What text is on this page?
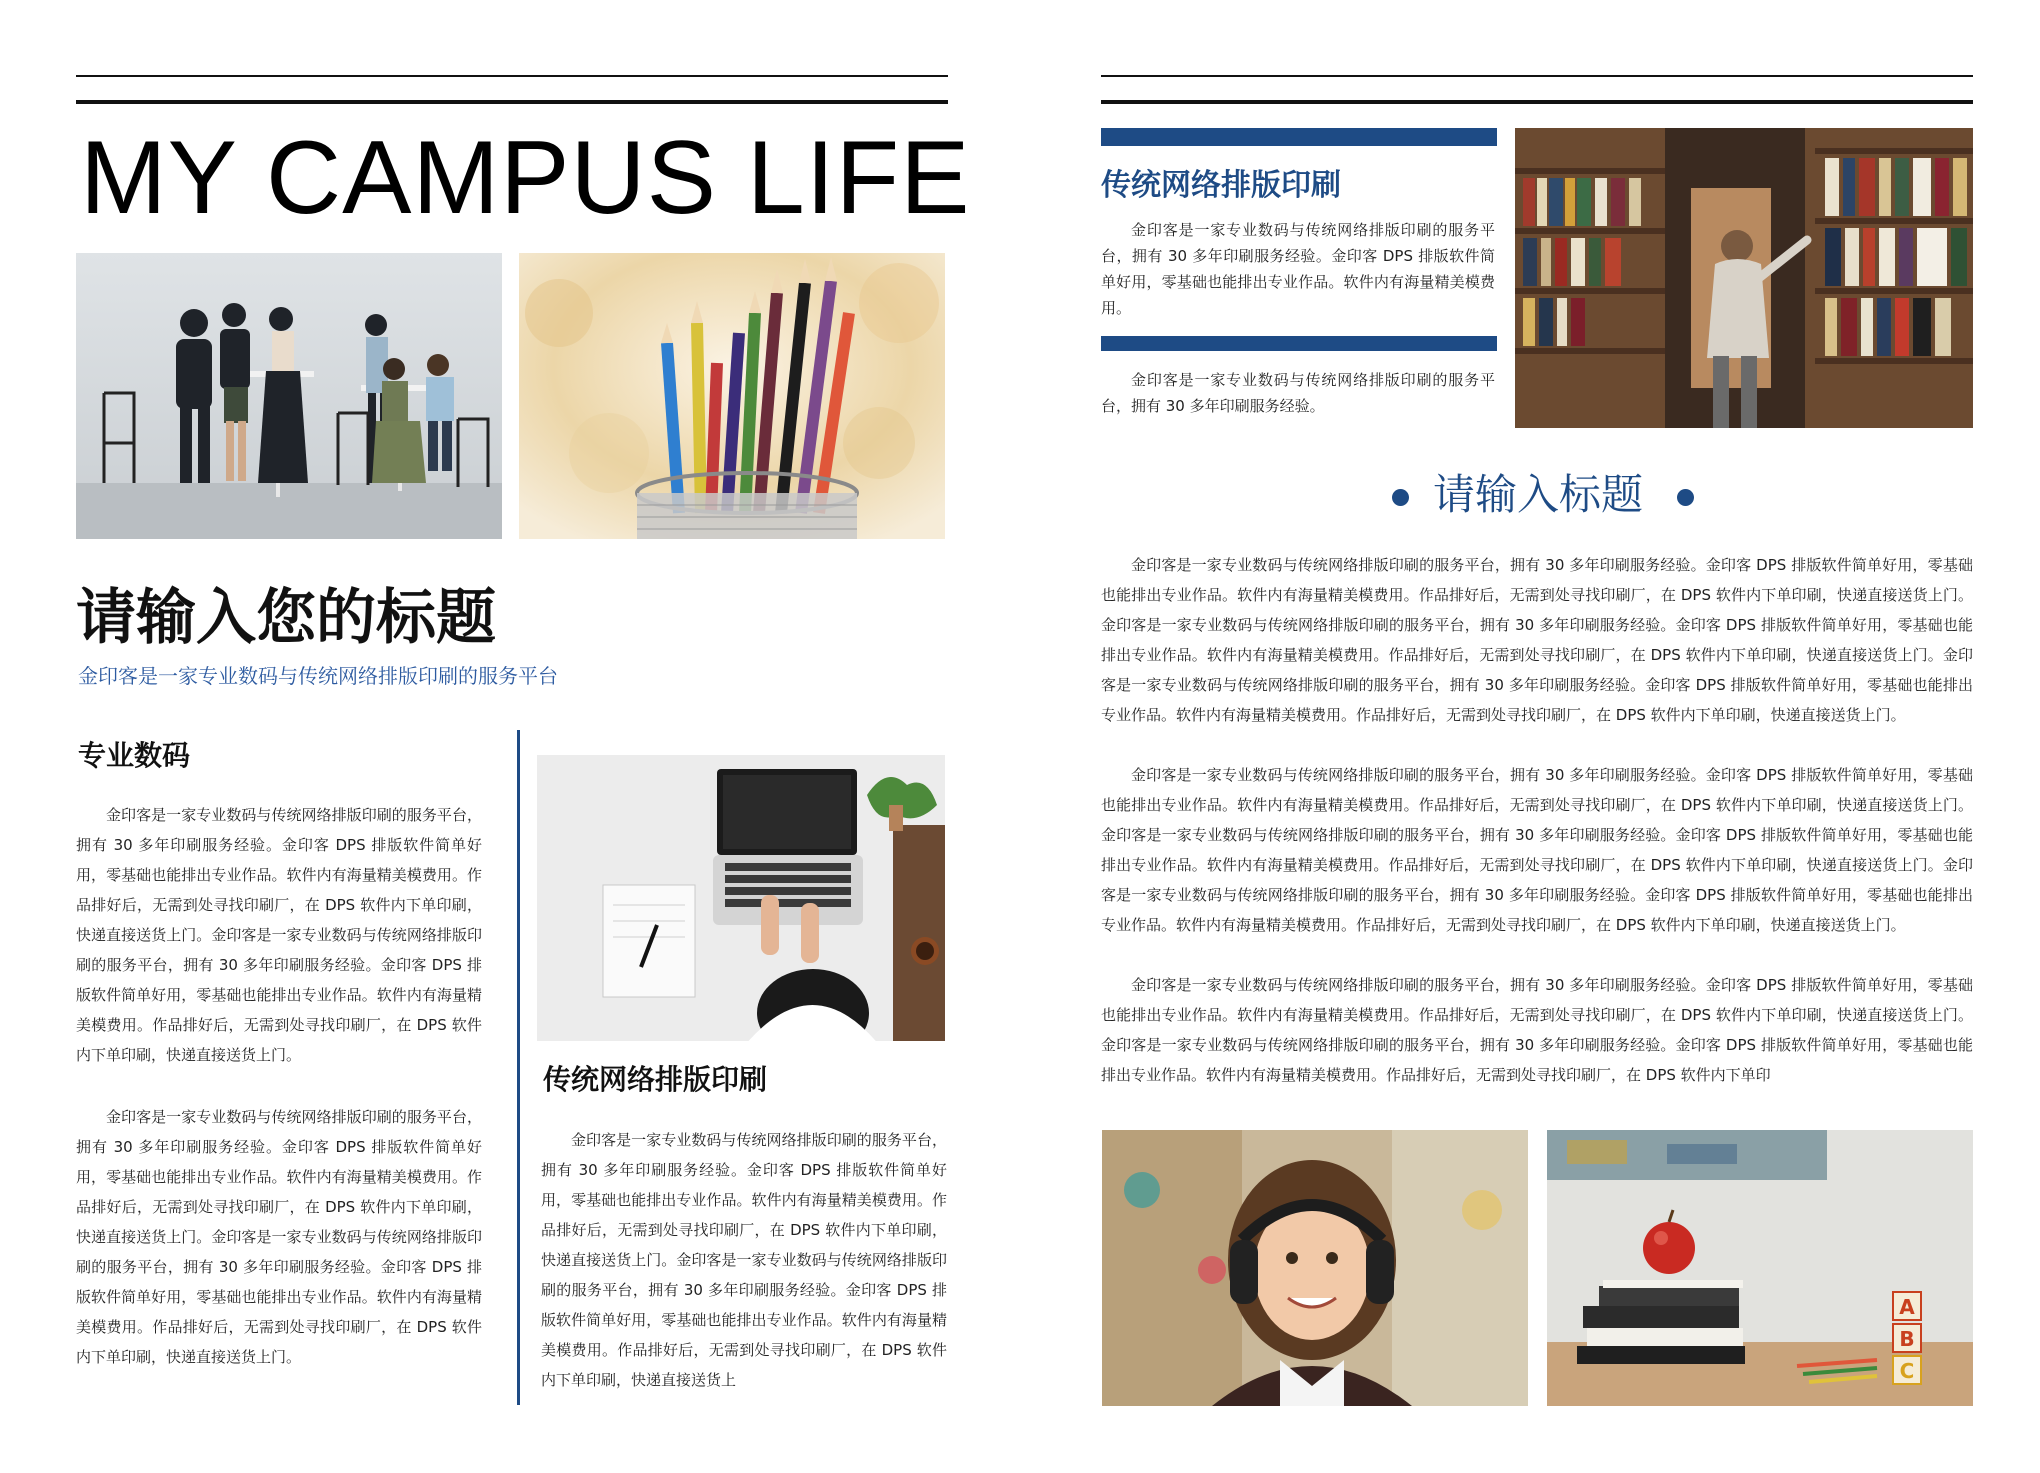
MY CAMPUS LIFE
请输入您的标题
金印客是一家专业数码与传统网络排版印刷的服务平台
专业数码

金印客是一家专业数码与传统网络排版印刷的服务平台，拥有 30 多年印刷服务经验。金印客 DPS 排版软件简单好用，零基础也能排出专业作品。软件内有海量精美模费用。作品排好后，无需到处寻找印刷厂，在 DPS 软件内下单印刷，快递直接送货上门。金印客是一家专业数码与传统网络排版印刷的服务平台，拥有 30 多年印刷服务经验。金印客 DPS 排版软件简单好用，零基础也能排出专业作品。软件内有海量精美模费用。作品排好后，无需到处寻找印刷厂，在 DPS 软件内下单印刷，快递直接送货上门。

金印客是一家专业数码与传统网络排版印刷的服务平台，拥有 30 多年印刷服务经验。金印客 DPS 排版软件简单好用，零基础也能排出专业作品。软件内有海量精美模费用。作品排好后，无需到处寻找印刷厂，在 DPS 软件内下单印刷，快递直接送货上门。金印客是一家专业数码与传统网络排版印刷的服务平台，拥有 30 多年印刷服务经验。金印客 DPS 排版软件简单好用，零基础也能排出专业作品。软件内有海量精美模费用。作品排好后，无需到处寻找印刷厂，在 DPS 软件内下单印刷，快递直接送货上门。

传统网络排版印刷

金印客是一家专业数码与传统网络排版印刷的服务平台，拥有 30 多年印刷服务经验。金印客 DPS 排版软件简单好用，零基础也能排出专业作品。软件内有海量精美模费用。作品排好后，无需到处寻找印刷厂，在 DPS 软件内下单印刷，快递直接送货上门。金印客是一家专业数码与传统网络排版印刷的服务平台，拥有 30 多年印刷服务经验。金印客 DPS 排版软件简单好用，零基础也能排出专业作品。软件内有海量精美模费用。作品排好后，无需到处寻找印刷厂，在 DPS 软件内下单印刷，快递直接送货上

传统网络排版印刷

金印客是一家专业数码与传统网络排版印刷的服务平台，拥有 30 多年印刷服务经验。金印客 DPS 排版软件简单好用，零基础也能排出专业作品。软件内有海量精美模费用。

金印客是一家专业数码与传统网络排版印刷的服务平台，拥有 30 多年印刷服务经验。

请输入标题

金印客是一家专业数码与传统网络排版印刷的服务平台，拥有 30 多年印刷服务经验。金印客 DPS 排版软件简单好用，零基础也能排出专业作品。软件内有海量精美模费用。作品排好后，无需到处寻找印刷厂，在 DPS 软件内下单印刷，快递直接送货上门。金印客是一家专业数码与传统网络排版印刷的服务平台，拥有 30 多年印刷服务经验。金印客 DPS 排版软件简单好用，零基础也能排出专业作品。软件内有海量精美模费用。作品排好后，无需到处寻找印刷厂，在 DPS 软件内下单印刷，快递直接送货上门。金印客是一家专业数码与传统网络排版印刷的服务平台，拥有 30 多年印刷服务经验。金印客 DPS 排版软件简单好用，零基础也能排出专业作品。软件内有海量精美模费用。作品排好后，无需到处寻找印刷厂，在 DPS 软件内下单印刷，快递直接送货上门。

金印客是一家专业数码与传统网络排版印刷的服务平台，拥有 30 多年印刷服务经验。金印客 DPS 排版软件简单好用，零基础也能排出专业作品。软件内有海量精美模费用。作品排好后，无需到处寻找印刷厂，在 DPS 软件内下单印刷，快递直接送货上门。金印客是一家专业数码与传统网络排版印刷的服务平台，拥有 30 多年印刷服务经验。金印客 DPS 排版软件简单好用，零基础也能排出专业作品。软件内有海量精美模费用。作品排好后，无需到处寻找印刷厂，在 DPS 软件内下单印刷，快递直接送货上门。金印客是一家专业数码与传统网络排版印刷的服务平台，拥有 30 多年印刷服务经验。金印客 DPS 排版软件简单好用，零基础也能排出专业作品。软件内有海量精美模费用。作品排好后，无需到处寻找印刷厂，在 DPS 软件内下单印刷，快递直接送货上门。

金印客是一家专业数码与传统网络排版印刷的服务平台，拥有 30 多年印刷服务经验。金印客 DPS 排版软件简单好用，零基础也能排出专业作品。软件内有海量精美模费用。作品排好后，无需到处寻找印刷厂，在 DPS 软件内下单印刷，快递直接送货上门。金印客是一家专业数码与传统网络排版印刷的服务平台，拥有 30 多年印刷服务经验。金印客 DPS 排版软件简单好用，零基础也能排出专业作品。软件内有海量精美模费用。作品排好后，无需到处寻找印刷厂，在 DPS 软件内下单印

A
B
C
